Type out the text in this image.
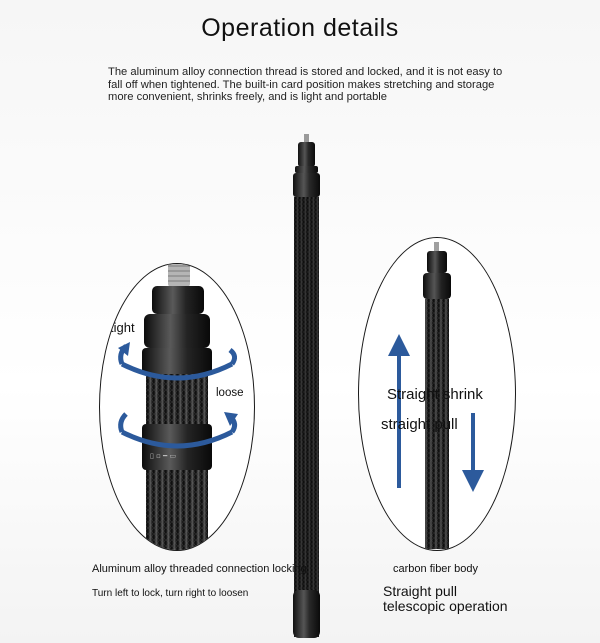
Operation details
The aluminum alloy connection thread is stored and locked, and it is not easy to fall off when tightened. The built-in card position makes stretching and storage more convenient, shrinks freely, and is light and portable
▯ ▫ ━ ▭
tight
loose	Straight shrink
straight pull
Aluminum alloy threaded connection locking
Turn left to lock, turn right to loosen
carbon fiber body
Straight pull
telescopic operation
